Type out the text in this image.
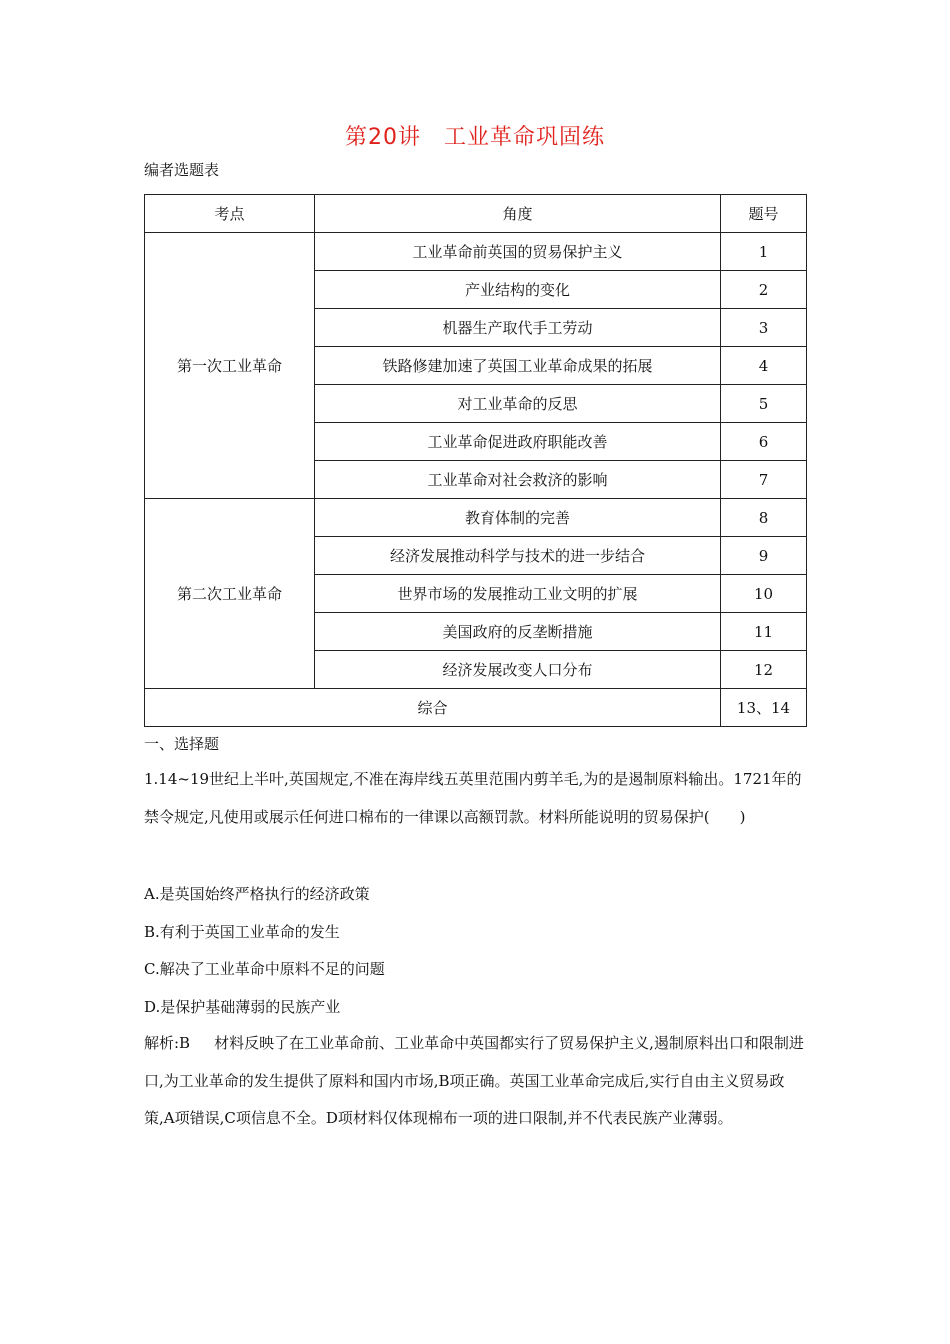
第20讲　工业革命巩固练
编者选题表
考点	角度	题号
第一次工业革命	工业革命前英国的贸易保护主义	1
	产业结构的变化	2
	机器生产取代手工劳动	3
	铁路修建加速了英国工业革命成果的拓展	4
	对工业革命的反思	5
	工业革命促进政府职能改善	6
	工业革命对社会救济的影响	7
第二次工业革命	教育体制的完善	8
	经济发展推动科学与技术的进一步结合	9
	世界市场的发展推动工业文明的扩展	10
	美国政府的反垄断措施	11
	经济发展改变人口分布	12
综合		13、14
一、选择题
1.14~19世纪上半叶,英国规定,不准在海岸线五英里范围内剪羊毛,为的是遏制原料输出。1721年的禁令规定,凡使用或展示任何进口棉布的一律课以高额罚款。材料所能说明的贸易保护(　　)
A.是英国始终严格执行的经济政策
B.有利于英国工业革命的发生
C.解决了工业革命中原料不足的问题
D.是保护基础薄弱的民族产业
解析:B 材料反映了在工业革命前、工业革命中英国都实行了贸易保护主义,遏制原料出口和限制进口,为工业革命的发生提供了原料和国内市场,B项正确。英国工业革命完成后,实行自由主义贸易政策,A项错误,C项信息不全。D项材料仅体现棉布一项的进口限制,并不代表民族产业薄弱。
